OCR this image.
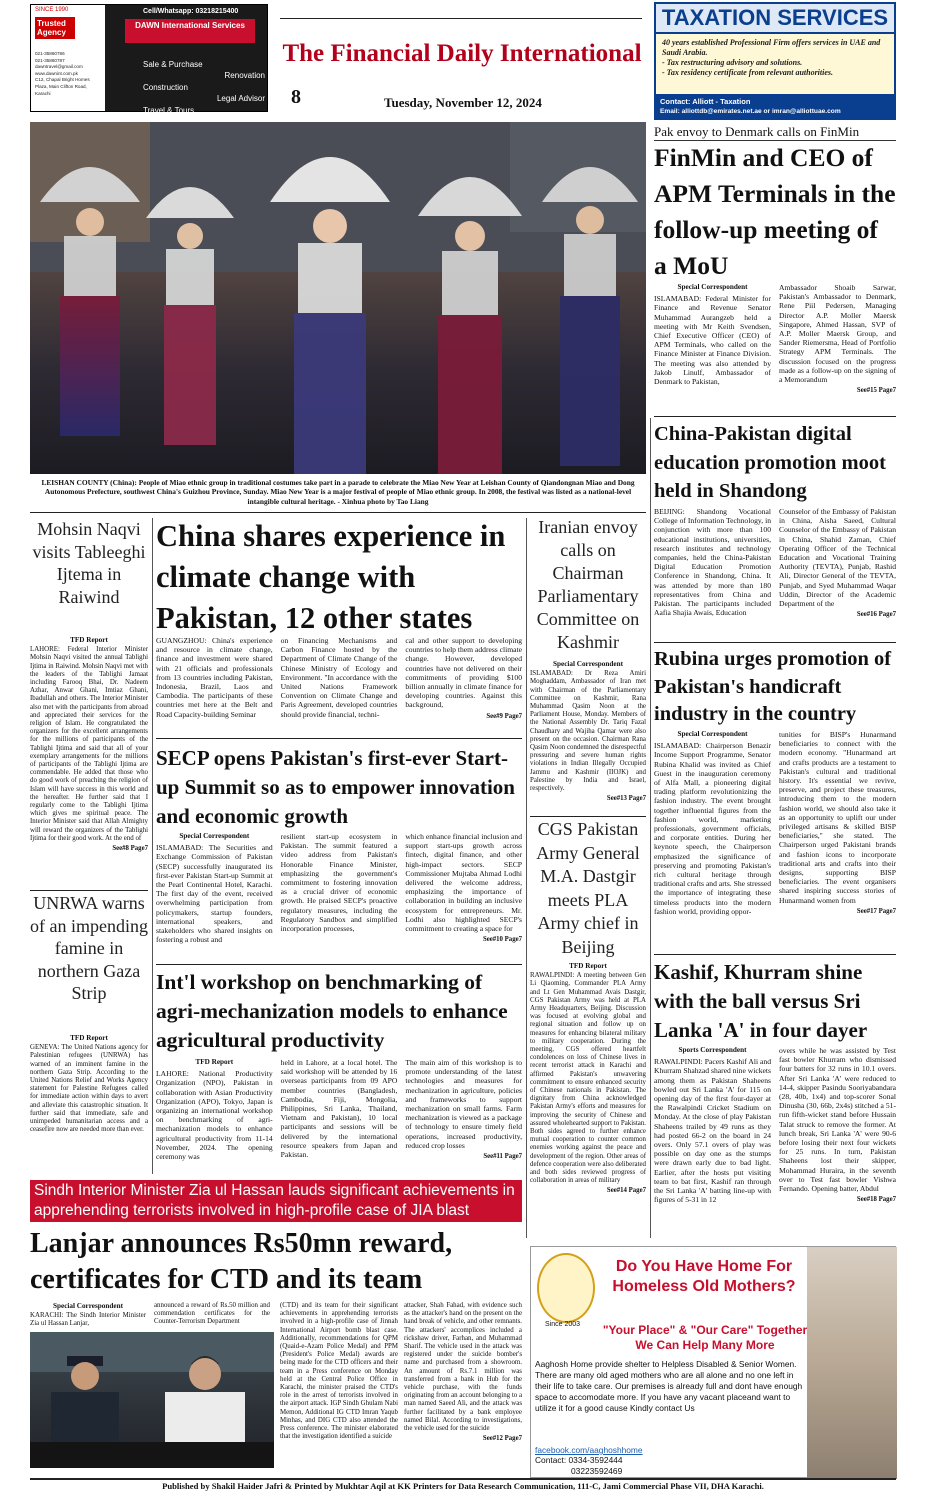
SINCE 1990
Trusted Agency
021-35860786
021-35860787
dawntravel@gmail.com
www.dawnint.com.pk
C12, Chapal Bright Homes Plaza, Main Clifton Road, Karachi
Cell/Whatsapp: 03218215400
DAWN International Services
Sale & Purchase
Renovation
Construction
Legal Advisor
Travel & Tours
The Financial Daily International
8	Tuesday, November 12, 2024
TAXATION SERVICES
40 years established Professional Firm offers services in UAE and Saudi Arabia.
- Tax restructuring advisory and solutions.
- Tax residency certificate from relevant authorities.
Contact: Alliott - Taxation
Email: alliottdb@emirates.net.ae or imran@alliottuae.com
LEISHAN COUNTY (China): People of Miao ethnic group in traditional costumes take part in a parade to celebrate the Miao New Year at Leishan County of Qiandongnan Miao and Dong Autonomous Prefecture, southwest China's Guizhou Province, Sunday. Miao New Year is a major festival of people of Miao ethnic group. In 2008, the festival was listed as a national-level intangible cultural heritage. - Xinhua photo by Tao Liang
Pak envoy to Denmark calls on FinMin
FinMin and CEO of APM Terminals in the follow-up meeting of a MoU
Special Correspondent

ISLAMABAD: Federal Minister for Finance and Revenue Senator Muhammad Aurangzeb held a meeting with Mr Keith Svendsen, Chief Executive Officer (CEO) of APM Terminals, who called on the Finance Minister at Finance Division. The meeting was also attended by Jakob Linulf, Ambassador of Denmark to Pakistan,

Ambassador Shoaib Sarwar, Pakistan's Ambassador to Denmark, Rene Piil Pedersen, Managing Director A.P. Moller Maersk Singapore, Ahmed Hassan, SVP of A.P. Moller Maersk Group, and Sander Riemersma, Head of Portfolio Strategy APM Terminals. The discussion focused on the progress made as a follow-up on the signing of a Memorandum

See#15 Page7
China-Pakistan digital education promotion moot held in Shandong

BEIJING: Shandong Vocational College of Information Technology, in conjunction with more than 100 educational institutions, universities, research institutes and technology companies, held the China-Pakistan Digital Education Promotion Conference in Shandong, China. It was attended by more than 180 representatives from China and Pakistan. The participants included Aafia Shajia Awais, Education

Counselor of the Embassy of Pakistan in China, Aisha Saeed, Cultural Counselor of the Embassy of Pakistan in China, Shahid Zaman, Chief Operating Officer of the Technical Education and Vocational Training Authority (TEVTA), Punjab, Rashid Ali, Director General of the TEVTA, Punjab, and Syed Muhammad Waqar Uddin, Director of the Academic Department of the

See#16 Page7
Rubina urges promotion of Pakistan's handicraft industry in the country
Special Correspondent

ISLAMABAD: Chairperson Benazir Income Support Programme, Senator Rubina Khalid was invited as Chief Guest in the inauguration ceremony of Alfa Mall, a pioneering digital trading platform revolutionizing the fashion industry. The event brought together influential figures from the fashion world, marketing professionals, government officials, and corporate entities. During her keynote speech, the Chairperson emphasized the significance of preserving and promoting Pakistan's rich cultural heritage through traditional crafts and arts. She stressed the importance of integrating these timeless products into the modern fashion world, providing oppor-

tunities for BISP's Hunarmand beneficiaries to connect with the modern economy. "Hunarmand art and crafts products are a testament to Pakistan's cultural and traditional history. It's essential we revive, preserve, and project these treasures, introducing them to the modern fashion world, we should also take it as an opportunity to uplift our under privileged artisans & skilled BISP beneficiaries," she stated. The Chairperson urged Pakistani brands and fashion icons to incorporate traditional arts and crafts into their designs, supporting BISP beneficiaries. The event organisers shared inspiring success stories of Hunarmand women from

See#17 Page7
Kashif, Khurram shine with the ball versus Sri Lanka 'A' in four dayer
Sports Correspondent

RAWALPINDI: Pacers Kashif Ali and Khurram Shahzad shared nine wickets among them as Pakistan Shaheens bowled out Sri Lanka 'A' for 115 on opening day of the first four-dayer at the Rawalpindi Cricket Stadium on Monday. At the close of play Pakistan Shaheens trailed by 49 runs as they had posted 66-2 on the board in 24 overs. Only 57.1 overs of play was possible on day one as the stumps were drawn early due to bad light. Earlier, after the hosts put visiting team to bat first, Kashif ran through the Sri Lanka 'A' batting line-up with figures of 5-31 in 12

overs while he was assisted by Test fast bowler Khurram who dismissed four batters for 32 runs in 10.1 overs. After Sri Lanka 'A' were reduced to 14-4, skipper Pasindu Sooriyabandara (28, 40b, 1x4) and top-scorer Sonal Dinusha (30, 66b, 2x4s) stitched a 51-run fifth-wicket stand before Hussain Talat struck to remove the former. At lunch break, Sri Lanka 'A' were 90-6 before losing their next four wickets for 25 runs. In turn, Pakistan Shaheens lost their skipper, Mohammad Huraira, in the seventh over to Test fast bowler Vishwa Fernando. Opening batter, Abdul

See#18 Page7
Mohsin Naqvi visits Tableeghi Ijtema in Raiwind
TFD Report

LAHORE: Federal Interior Minister Mohsin Naqvi visited the annual Tablighi Ijtima in Raiwind. Mohsin Naqvi met with the leaders of the Tablighi Jamaat including Farooq Bhai, Dr. Nadeem Azhar, Anwar Ghani, Imtiaz Ghani, Ibadullah and others. The Interior Minister also met with the participants from abroad and appreciated their services for the religion of Islam. He congratulated the organizers for the excellent arrangements for the millions of participants of the Tablighi Ijtima and said that all of your exemplary arrangements for the millions of participants of the Tablighi Ijtima are commendable. He added that those who do good work of preaching the religion of Islam will have success in this world and the hereafter. He further said that I regularly come to the Tablighi Ijtima which gives me spiritual peace. The Interior Minister said that Allah Almighty will reward the organizers of the Tablighi Ijtima for their good work. At the end of

See#8 Page7
UNRWA warns of an impending famine in northern Gaza Strip
TFD Report

GENEVA: The United Nations agency for Palestinian refugees (UNRWA) has warned of an imminent famine in the northern Gaza Strip. According to the United Nations Relief and Works Agency statement for Palestine Refugees called for immediate action within days to avert and alleviate this catastrophic situation. It further said that immediate, safe and unimpeded humanitarian access and a ceasefire now are needed more than ever.

China shares experience in climate change with Pakistan, 12 other states

GUANGZHOU: China's experience and resource in climate change, finance and investment were shared with 21 officials and professionals from 13 countries including Pakistan, Indonesia, Brazil, Laos and Cambodia. The participants of these countries met here at the Belt and Road Capacity-building Seminar

on Financing Mechanisms and Carbon Finance hosted by the Department of Climate Change of the Chinese Ministry of Ecology and Environment. "In accordance with the United Nations Framework Convention on Climate Change and Paris Agreement, developed countries should provide financial, techni-

cal and other support to developing countries to help them address climate change. However, developed countries have not delivered on their commitments of providing $100 billion annually in climate finance for developing countries. Against this background,

See#9 Page7
SECP opens Pakistan's first-ever Start-up Summit so as to empower innovation and economic growth
Special Correspondent

ISLAMABAD: The Securities and Exchange Commission of Pakistan (SECP) successfully inaugurated its first-ever Pakistan Start-up Summit at the Pearl Continental Hotel, Karachi. The first day of the event, received overwhelming participation from policymakers, startup founders, international speakers, and stakeholders who shared insights on fostering a robust and

resilient start-up ecosystem in Pakistan. The summit featured a video address from Pakistan's Honorable Finance Minister, emphasizing the government's commitment to fostering innovation as a crucial driver of economic growth. He praised SECP's proactive regulatory measures, including the Regulatory Sandbox and simplified incorporation processes,

which enhance financial inclusion and support start-ups growth across fintech, digital finance, and other high-impact sectors. SECP Commissioner Mujtaba Ahmad Lodhi delivered the welcome address, emphasizing the importance of collaboration in building an inclusive ecosystem for entrepreneurs. Mr. Lodhi also highlighted SECP's commitment to creating a space for

See#10 Page7
Int'l workshop on benchmarking of agri-mechanization models to enhance agricultural productivity
TFD Report

LAHORE: National Productivity Organization (NPO), Pakistan in collaboration with Asian Productivity Organization (APO), Tokyo, Japan is organizing an international workshop on benchmarking of agri-mechanization models to enhance agricultural productivity from 11-14 November, 2024. The opening ceremony was

held in Lahore, at a local hotel. The said workshop will be attended by 16 overseas participants from 09 APO member countries (Bangladesh, Cambodia, Fiji, Mongolia, Philippines, Sri Lanka, Thailand, Vietnam and Pakistan), 10 local participants and sessions will be delivered by the international resource speakers from Japan and Pakistan.

The main aim of this workshop is to promote understanding of the latest technologies and measures for mechanization in agriculture, policies and frameworks to support mechanization on small farms. Farm mechanization is viewed as a package of technology to ensure timely field operations, increased productivity, reduced crop losses

See#11 Page7
Iranian envoy calls on Chairman Parliamentary Committee on Kashmir
Special Correspondent

ISLAMABAD: Dr Reza Amiri Moghaddam, Ambassador of Iran met with Chairman of the Parliamentary Committee on Kashmir, Rana Muhammad Qasim Noon at the Parliament House, Monday. Members of the National Assembly Dr. Tariq Fazal Chaudhary and Wajiha Qamar were also present on the occasion. Chairman Rana Qasim Noon condemned the disrespectful pressuring and severe human rights violations in Indian Illegally Occupied Jammu and Kashmir (IIOJK) and Palestine by India and Israel, respectively.

See#13 Page7
CGS Pakistan Army General M.A. Dastgir meets PLA Army chief in Beijing
TFD Report

RAWALPINDI: A meeting between Gen Li Qiaoming, Commander PLA Army and Lt Gen Muhammad Avais Dastgir, CGS Pakistan Army was held at PLA Army Headquarters, Beijing. Discussion was focused at evolving global and regional situation and follow up on measures for enhancing bilateral military to military cooperation. During the meeting, CGS offered heartfelt condolences on loss of Chinese lives in recent terrorist attack in Karachi and affirmed Pakistan's unwavering commitment to ensure enhanced security of Chinese nationals in Pakistan. The dignitary from China acknowledged Pakistan Army's efforts and measures for improving the security of Chinese and assured wholehearted support to Pakistan. Both sides agreed to further enhance mutual cooperation to counter common enemies working against the peace and development of the region. Other areas of defence cooperation were also deliberated and both sides reviewed progress of collaboration in areas of military

See#14 Page7
Sindh Interior Minister Zia ul Hassan lauds significant achievements in apprehending terrorists involved in high-profile case of JIA blast
Lanjar announces Rs50mn reward, certificates for CTD and its team
Special Correspondent

KARACHI: The Sindh Interior Minister Zia ul Hassan Lanjar,

announced a reward of Rs.50 million and commendation certificates for the Counter-Terrorism Department

(CTD) and its team for their significant achievements in apprehending terrorists involved in a high-profile case of Jinnah International Airport bomb blast case. Additionally, recommendations for QPM (Quaid-e-Azam Police Medal) and PPM (President's Police Medal) awards are being made for the CTD officers and their team in a Press conference on Monday held at the Central Police Office in Karachi, the minister praised the CTD's role in the arrest of terrorists involved in the airport attack. IGP Sindh Ghulam Nabi Memon, Additional IG CTD Imran Yaqub Minhas, and DIG CTD also attended the Press conference. The minister elaborated that the investigation identified a suicide

attacker, Shah Fahad, with evidence such as the attacker's hand on the present on the hand break of vehicle, and other remnants. The attackers' accomplices included a rickshaw driver, Farhan, and Muhammad Sharif. The vehicle used in the attack was registered under the suicide bomber's name and purchased from a showroom. An amount of Rs.7.1 million was transferred from a bank in Hub for the vehicle purchase, with the funds originating from an account belonging to a man named Saeed Ali, and the attack was further facilitated by a bank employee named Bilal. According to investigations, the vehicle used for the suicide

See#12 Page7
Since 2003
Do You Have Home For Homeless Old Mothers?
"Your Place" & "Our Care" Together We Can Help Many More
Aaghosh Home provide shelter to Helpless Disabled & Senior Women. There are many old aged mothers who are all alone and no one left in their life to take care. Our premises is already full and dont have enough space to accomodate more. If you have any vacant placeand want to utilize it for a good cause Kindly contact Us
facebook.com/aaghoshhome
Contact: 0334-3592444
03223592469
Published by Shakil Haider Jafri & Printed by Mukhtar Aqil at KK Printers for Data Research Communication, 111-C, Jami Commercial Phase VII, DHA Karachi.
